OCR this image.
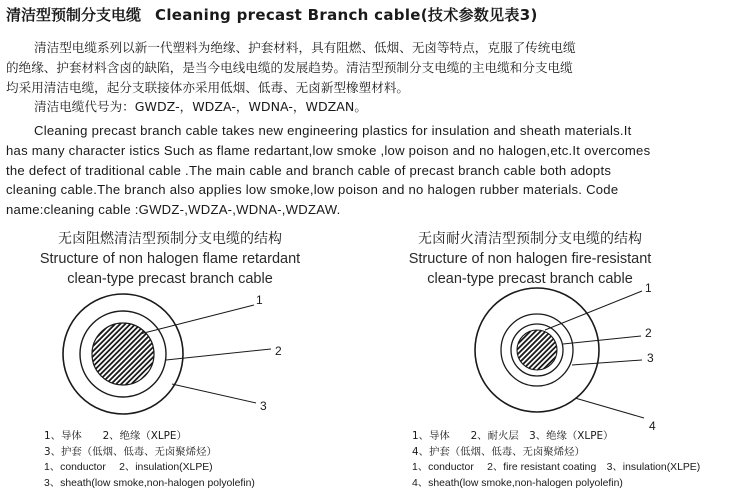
清洁型预制分支电缆 Cleaning precast Branch cable(技术参数见表3)
清洁型电缆系列以新一代塑料为绝缘、护套材料，具有阻燃、低烟、无卤等特点，克服了传统电缆
的绝缘、护套材料含卤的缺陷，是当今电线电缆的发展趋势。清洁型预制分支电缆的主电缆和分支电缆
均采用清洁电缆，起分支联接体亦采用低烟、低毒、无卤新型橡塑材料。
清洁电缆代号为：GWDZ-，WDZA-，WDNA-，WDZAN。
Cleaning precast branch cable takes new engineering plastics for insulation and sheath materials.It
has many character istics Such as flame redartant,low smoke ,low poison and no halogen,etc.It overcomes
the defect of traditional cable .The main cable and branch cable of precast branch cable both adopts
cleaning cable.The branch also applies low smoke,low poison and no halogen rubber materials. Code
name:cleaning cable :GWDZ-,WDZA-,WDNA-,WDZAW.
无卤阻燃清洁型预制分支电缆的结构
Structure of non halogen flame retardant
clean-type precast branch cable
无卤耐火清洁型预制分支电缆的结构
Structure of non halogen fire-resistant
clean-type precast branch cable
1
2
3
1
2
3
4
1、导体　　2、绝缘（XLPE）
3、护套（低烟、低毒、无卤聚烯烃）
1、conductor　 2、insulation(XLPE)
3、sheath(low smoke,non-halogen polyolefin)
1、导体　　2、耐火层　3、绝缘（XLPE）
4、护套（低烟、低毒、无卤聚烯烃）
1、conductor　 2、fire resistant coating　3、insulation(XLPE)
4、sheath(low smoke,non-halogen polyolefin)
